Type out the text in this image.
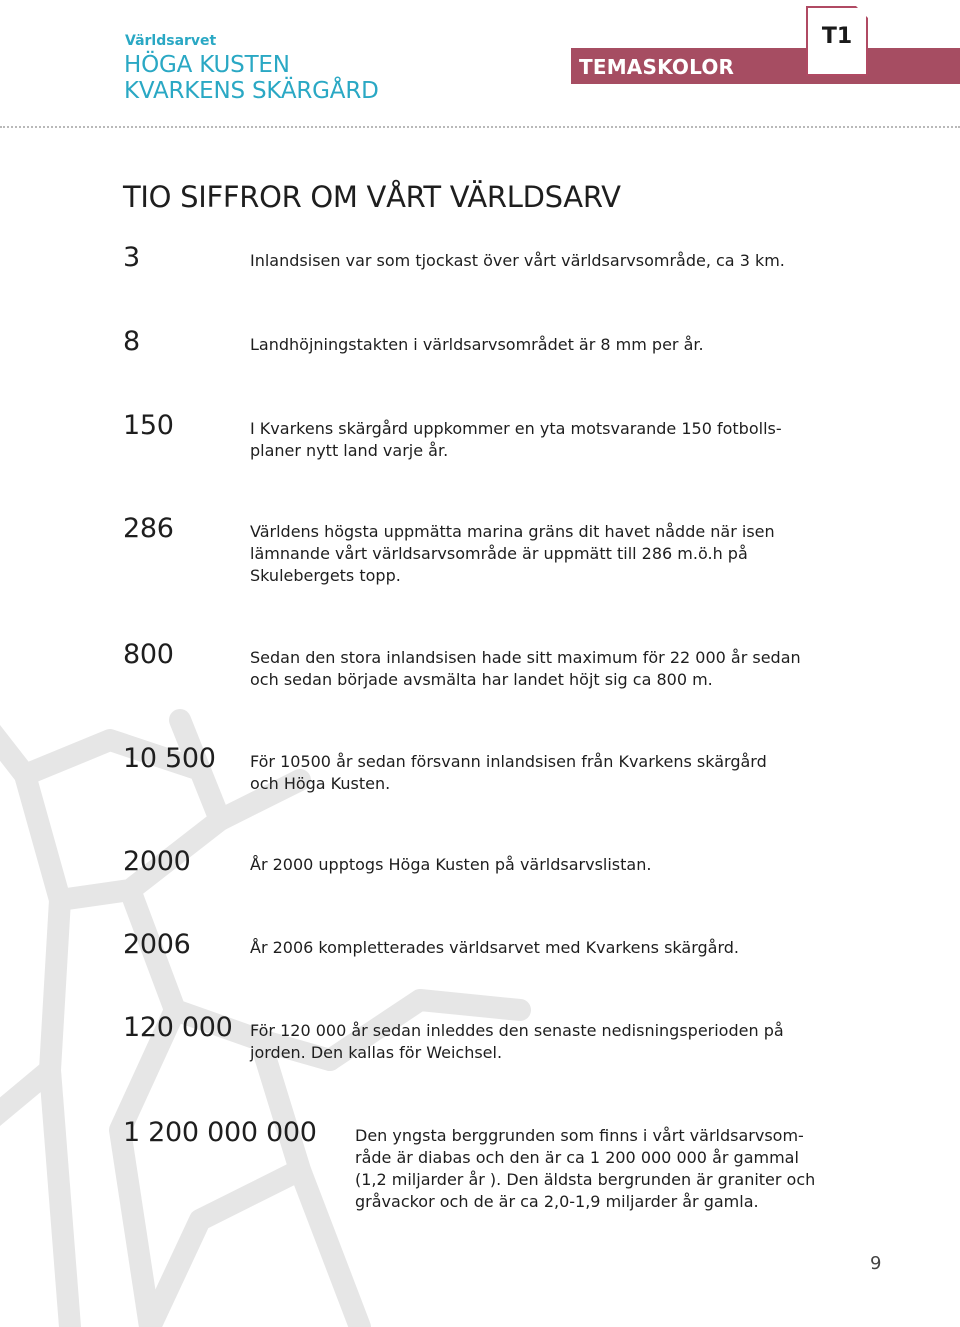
Världsarvet
HÖGA KUSTEN
KVARKENS SKÄRGÅRD
TEMASKOLOR
T1
TIO SIFFROR OM VÅRT VÄRLDSARV
3	Inlandsisen var som tjockast över vårt världsarvsområde, ca 3 km.
8	Landhöjningstakten i världsarvsområdet är 8 mm per år.
150	I Kvarkens skärgård uppkommer en yta motsvarande 150 fotbolls-planer nytt land varje år.
286	Världens högsta uppmätta marina gräns dit havet nådde när isen lämnande vårt världsarvsområde är uppmätt till 286 m.ö.h på Skulebergets topp.
800	Sedan den stora inlandsisen hade sitt maximum för 22 000 år sedan och sedan började avsmälta har landet höjt sig ca 800 m.
10 500 För 10500 år sedan försvann inlandsisen från Kvarkens skärgård och Höga Kusten.
2000	År 2000 upptogs Höga Kusten på världsarvslistan.
2006	År 2006 kompletterades världsarvet med Kvarkens skärgård.
120 000 För 120 000 år sedan inleddes den senaste nedisningsperioden på jorden. Den kallas för Weichsel.
1 200 000 000 Den yngsta berggrunden som finns i vårt världsarvsom-råde är diabas och den är ca 1 200 000 000 år gammal (1,2 miljarder år ). Den äldsta bergrunden är graniter och gråvackor och de är ca 2,0-1,9 miljarder år gamla.
9
